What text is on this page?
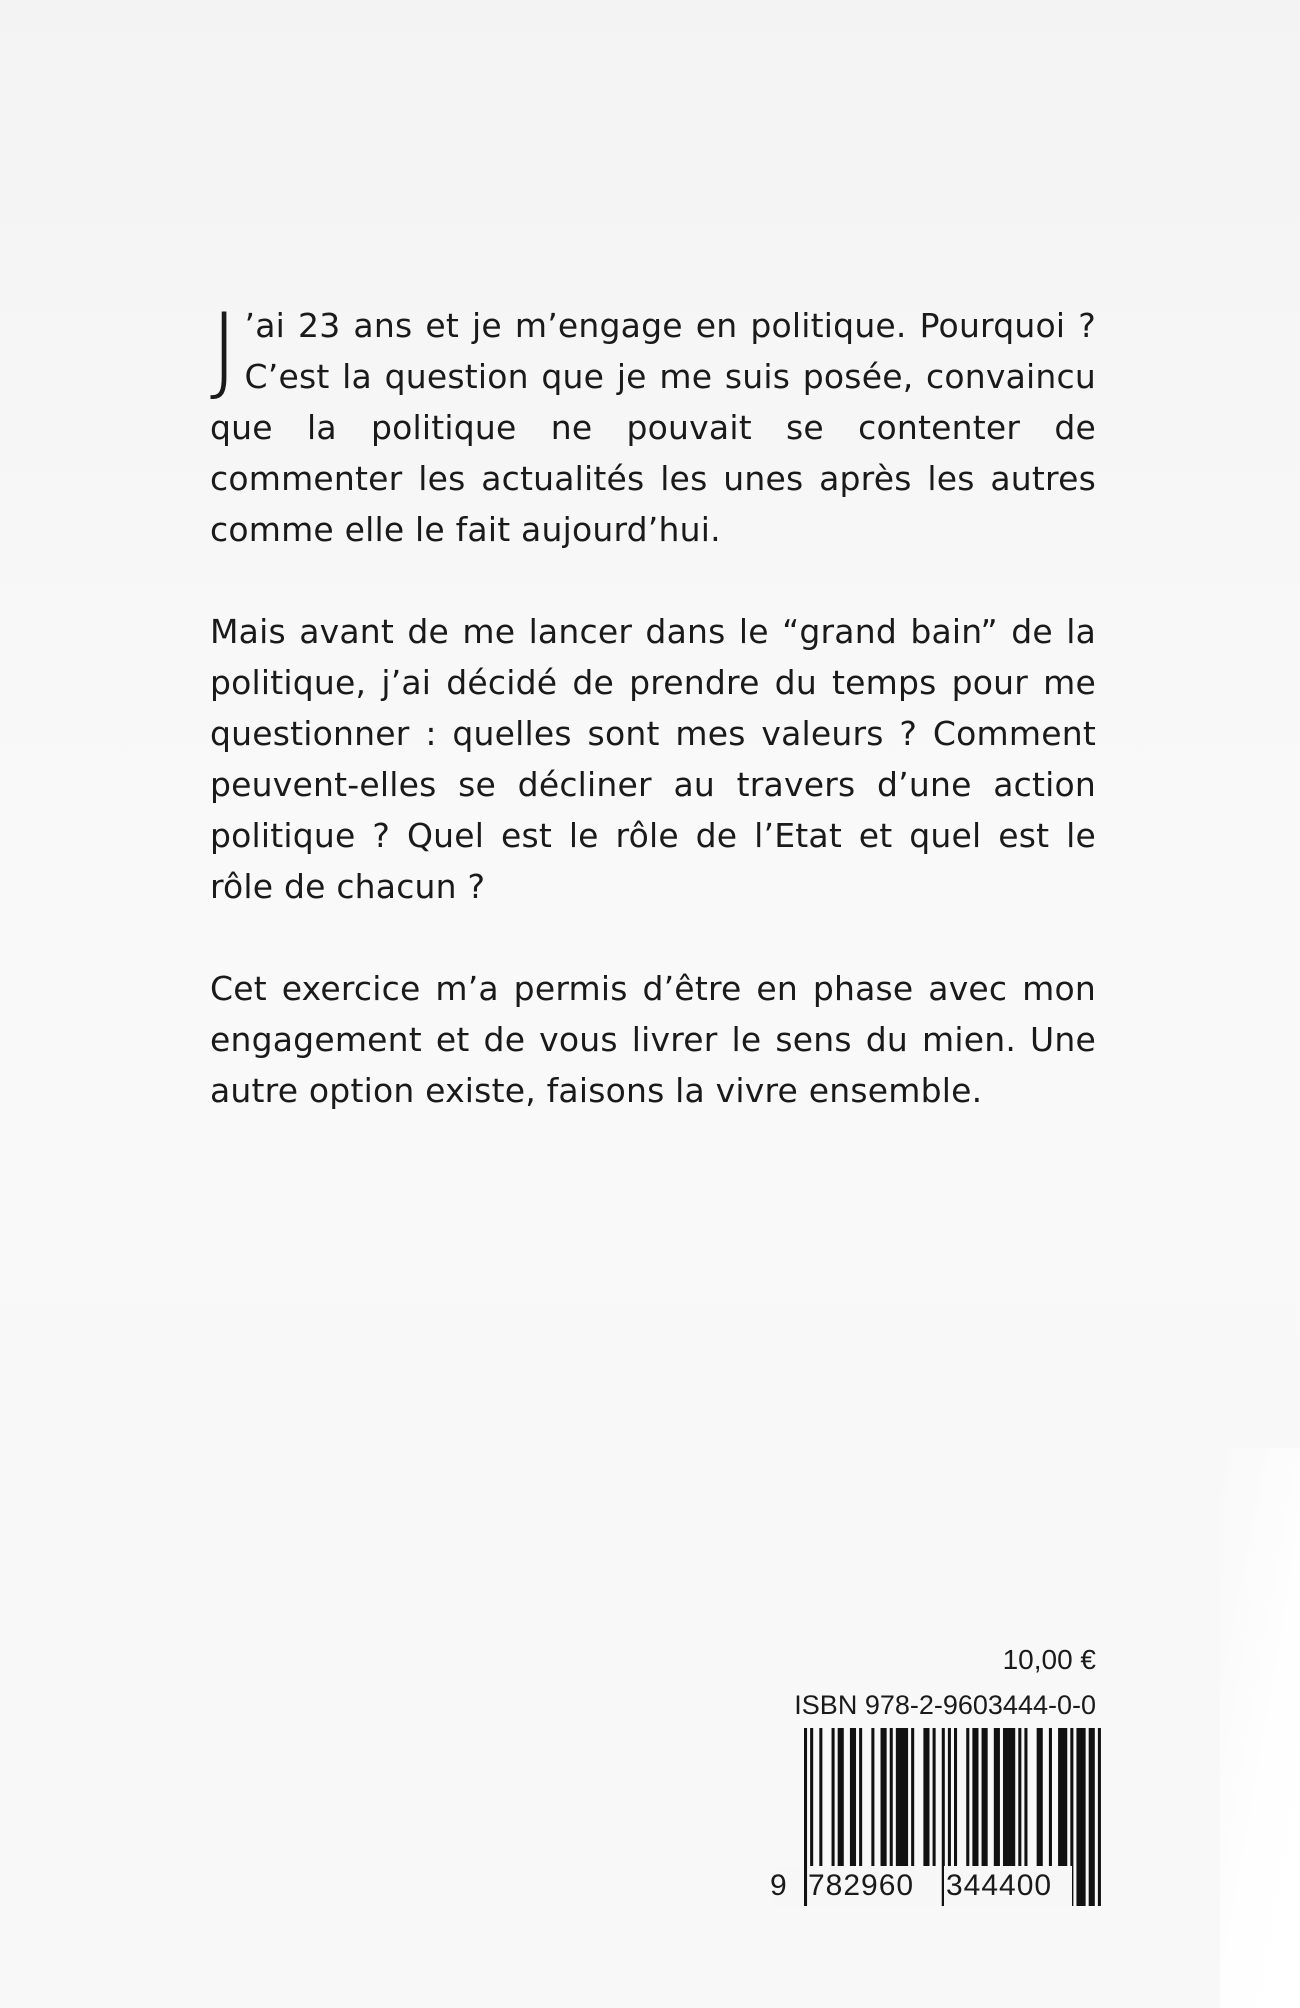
J ’ai 23 ans et je m’engage en politique. Pourquoi ? C’est la question que je me suis posée, convaincu que la politique ne pouvait se contenter de commenter les actualités les unes après les autres comme elle le fait aujourd’hui.

Mais avant de me lancer dans le “grand bain” de la politique, j’ai décidé de prendre du temps pour me questionner : quelles sont mes valeurs ? Comment peuvent-elles se décliner au travers d’une action politique ? Quel est le rôle de l’Etat et quel est le rôle de chacun ?

Cet exercice m’a permis d’être en phase avec mon engagement et de vous livrer le sens du mien. Une autre option existe, faisons la vivre ensemble.

10,00 €
ISBN 978-2-9603444-0-0
9 782960 344400
